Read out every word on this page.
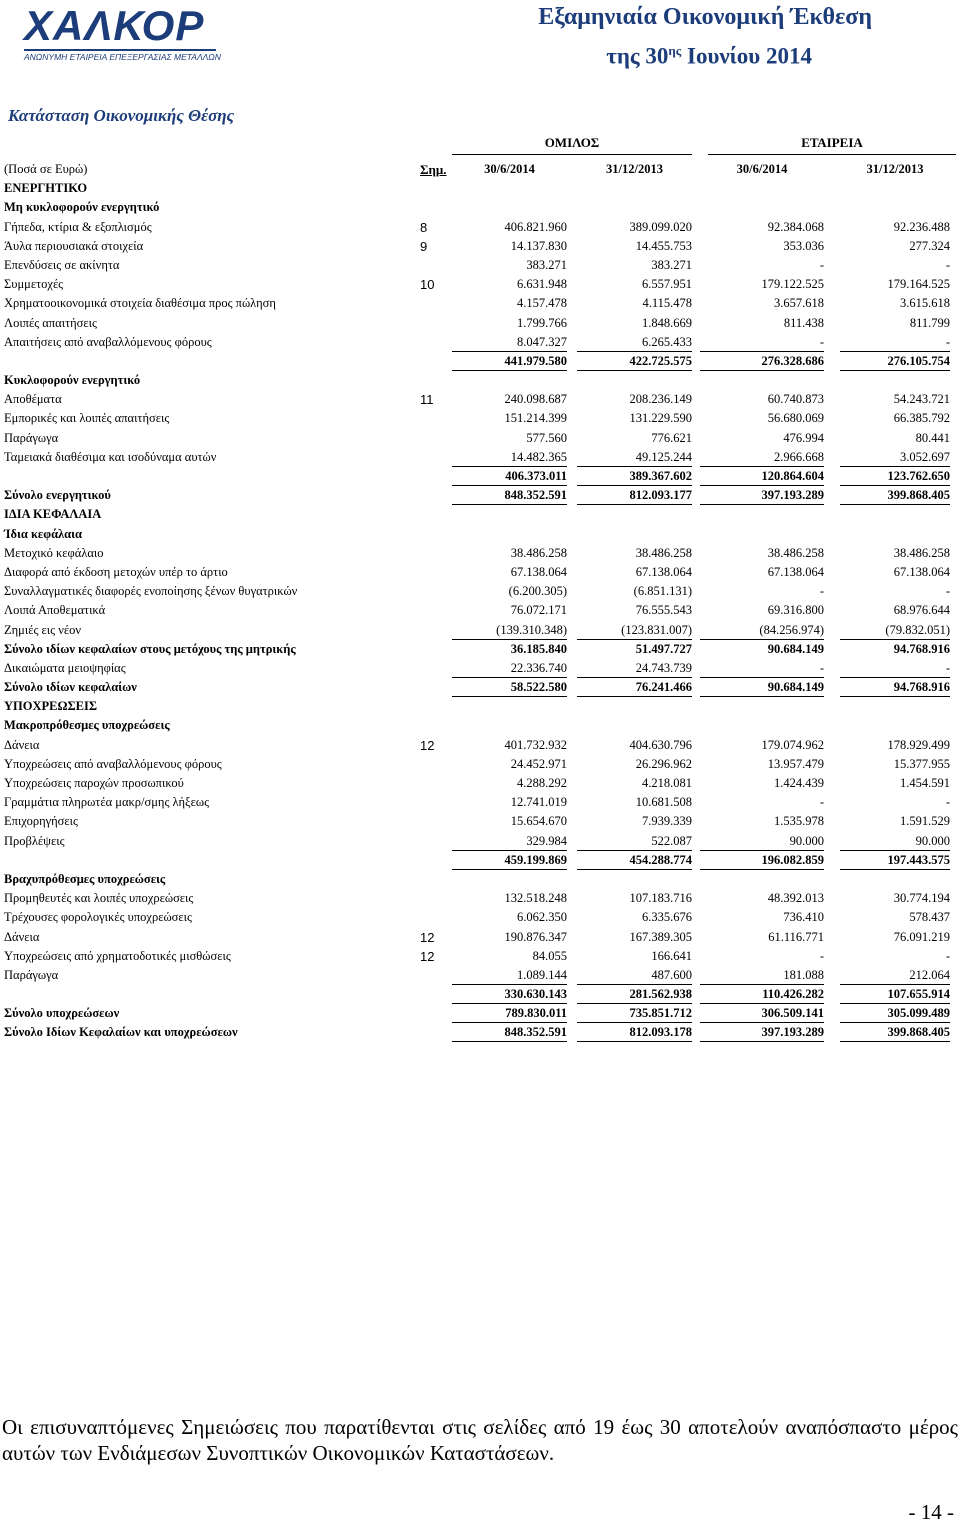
ΧΑΛΚΟΡ
ΑΝΩΝΥΜΗ ΕΤΑΙΡΕΙΑ ΕΠΕΞΕΡΓΑΣΙΑΣ ΜΕΤΑΛΛΩΝ
Εξαμηνιαία Οικονομική Έκθεση
της $30^{\eta\varsigma}$ Ιουνίου 2014
Κατάσταση Οικονομικής Θέσης
ΟΜΙΛΟΣ	ΕΤΑΙΡΕΙΑ
(Ποσά σε Ευρώ)	Σημ.	30/6/2014	31/12/2013	30/6/2014	31/12/2013
ΕΝΕΡΓΗΤΙΚΟ
Μη κυκλοφορούν ενεργητικό
Γήπεδα, κτίρια & εξοπλισμός	8	406.821.960	389.099.020	92.384.068	92.236.488
Άυλα περιουσιακά στοιχεία	9	14.137.830	14.455.753	353.036	277.324
Επενδύσεις σε ακίνητα	383.271	383.271	-	-
Συμμετοχές	10	6.631.948	6.557.951	179.122.525	179.164.525
Χρηματοοικονομικά στοιχεία διαθέσιμα προς πώληση	4.157.478	4.115.478	3.657.618	3.615.618
Λοιπές απαιτήσεις	1.799.766	1.848.669	811.438	811.799
Απαιτήσεις από αναβαλλόμενους φόρους	8.047.327	6.265.433	-	-
441.979.580	422.725.575	276.328.686	276.105.754
Κυκλοφορούν ενεργητικό
Αποθέματα	11	240.098.687	208.236.149	60.740.873	54.243.721
Εμπορικές και λοιπές απαιτήσεις	151.214.399	131.229.590	56.680.069	66.385.792
Παράγωγα	577.560	776.621	476.994	80.441
Ταμειακά διαθέσιμα και ισοδύναμα αυτών	14.482.365	49.125.244	2.966.668	3.052.697
406.373.011	389.367.602	120.864.604	123.762.650
Σύνολο ενεργητικού	848.352.591	812.093.177	397.193.289	399.868.405
ΙΔΙΑ ΚΕΦΑΛΑΙΑ
Ίδια κεφάλαια
Μετοχικό κεφάλαιο	38.486.258	38.486.258	38.486.258	38.486.258
Διαφορά από έκδοση μετοχών υπέρ το άρτιο	67.138.064	67.138.064	67.138.064	67.138.064
Συναλλαγματικές διαφορές ενοποίησης ξένων θυγατρικών	(6.200.305)	(6.851.131)	-	-
Λοιπά Αποθεματικά	76.072.171	76.555.543	69.316.800	68.976.644
Ζημιές εις νέον	(139.310.348)	(123.831.007)	(84.256.974)	(79.832.051)
Σύνολο ιδίων κεφαλαίων στους μετόχους της μητρικής	36.185.840	51.497.727	90.684.149	94.768.916
Δικαιώματα μειοψηφίας	22.336.740	24.743.739	-	-
Σύνολο ιδίων κεφαλαίων	58.522.580	76.241.466	90.684.149	94.768.916
ΥΠΟΧΡΕΩΣΕΙΣ
Μακροπρόθεσμες υποχρεώσεις
Δάνεια	12	401.732.932	404.630.796	179.074.962	178.929.499
Υποχρεώσεις από αναβαλλόμενους φόρους	24.452.971	26.296.962	13.957.479	15.377.955
Υποχρεώσεις παροχών προσωπικού	4.288.292	4.218.081	1.424.439	1.454.591
Γραμμάτια πληρωτέα μακρ/σμης λήξεως	12.741.019	10.681.508	-	-
Επιχορηγήσεις	15.654.670	7.939.339	1.535.978	1.591.529
Προβλέψεις	329.984	522.087	90.000	90.000
459.199.869	454.288.774	196.082.859	197.443.575
Βραχυπρόθεσμες υποχρεώσεις
Προμηθευτές και λοιπές υποχρεώσεις	132.518.248	107.183.716	48.392.013	30.774.194
Τρέχουσες φορολογικές υποχρεώσεις	6.062.350	6.335.676	736.410	578.437
Δάνεια	12	190.876.347	167.389.305	61.116.771	76.091.219
Υποχρεώσεις από χρηματοδοτικές μισθώσεις	12	84.055	166.641	-	-
Παράγωγα	1.089.144	487.600	181.088	212.064
330.630.143	281.562.938	110.426.282	107.655.914
Σύνολο υποχρεώσεων	789.830.011	735.851.712	306.509.141	305.099.489
Σύνολο Ιδίων Κεφαλαίων και υποχρεώσεων	848.352.591	812.093.178	397.193.289	399.868.405
Οι επισυναπτόμενες Σημειώσεις που παρατίθενται στις σελίδες από 19 έως 30 αποτελούν αναπόσπαστο μέρος αυτών των Ενδιάμεσων Συνοπτικών Οικονομικών Καταστάσεων.
- 14 -
